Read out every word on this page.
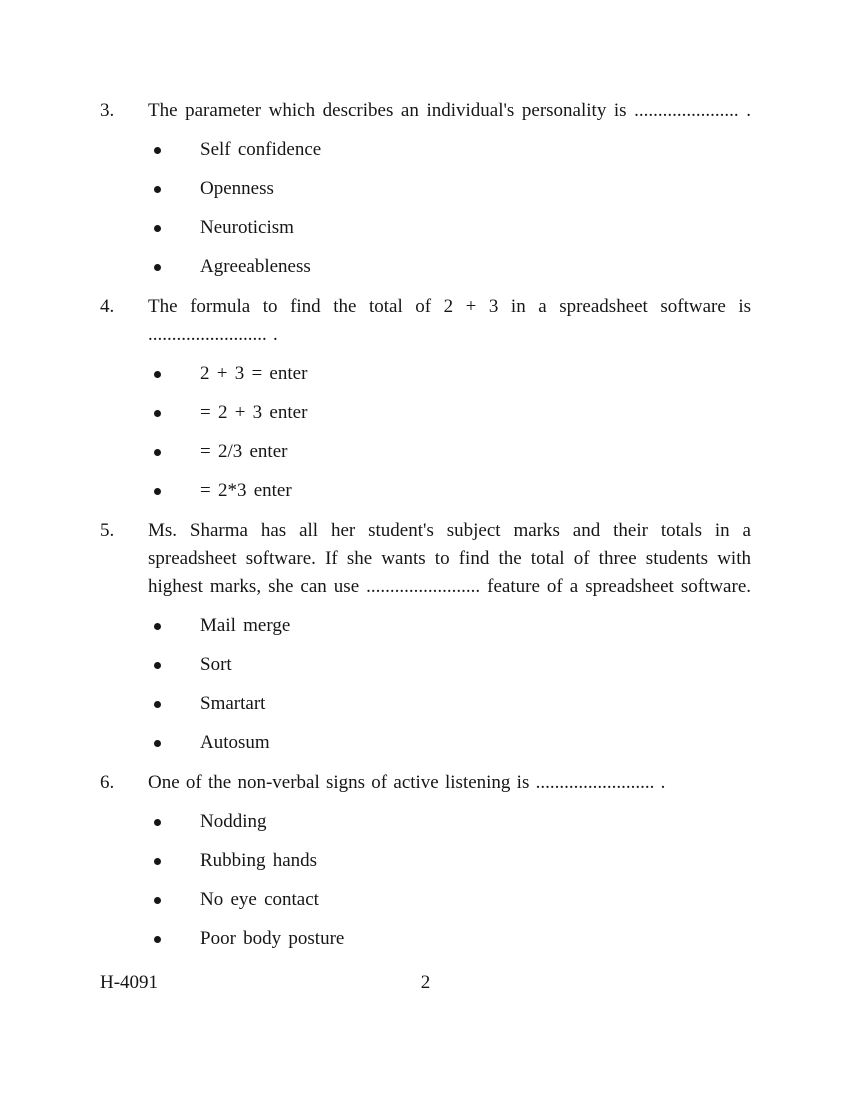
3.	The parameter which describes an individual's personality is ...................... .
Self confidence
Openness
Neuroticism
Agreeableness
4.	The formula to find the total of 2 + 3 in a spreadsheet software is
......................... .
2 + 3 = enter
= 2 + 3 enter
= 2/3 enter
= 2*3 enter
5.	Ms. Sharma has all her student's subject marks and their totals in a
spreadsheet software. If she wants to find the total of three students with
highest marks, she can use ........................ feature of a spreadsheet software.
Mail merge
Sort
Smartart
Autosum
6.	One of the non-verbal signs of active listening is ......................... .
Nodding
Rubbing hands
No eye contact
Poor body posture
2
H-4091
